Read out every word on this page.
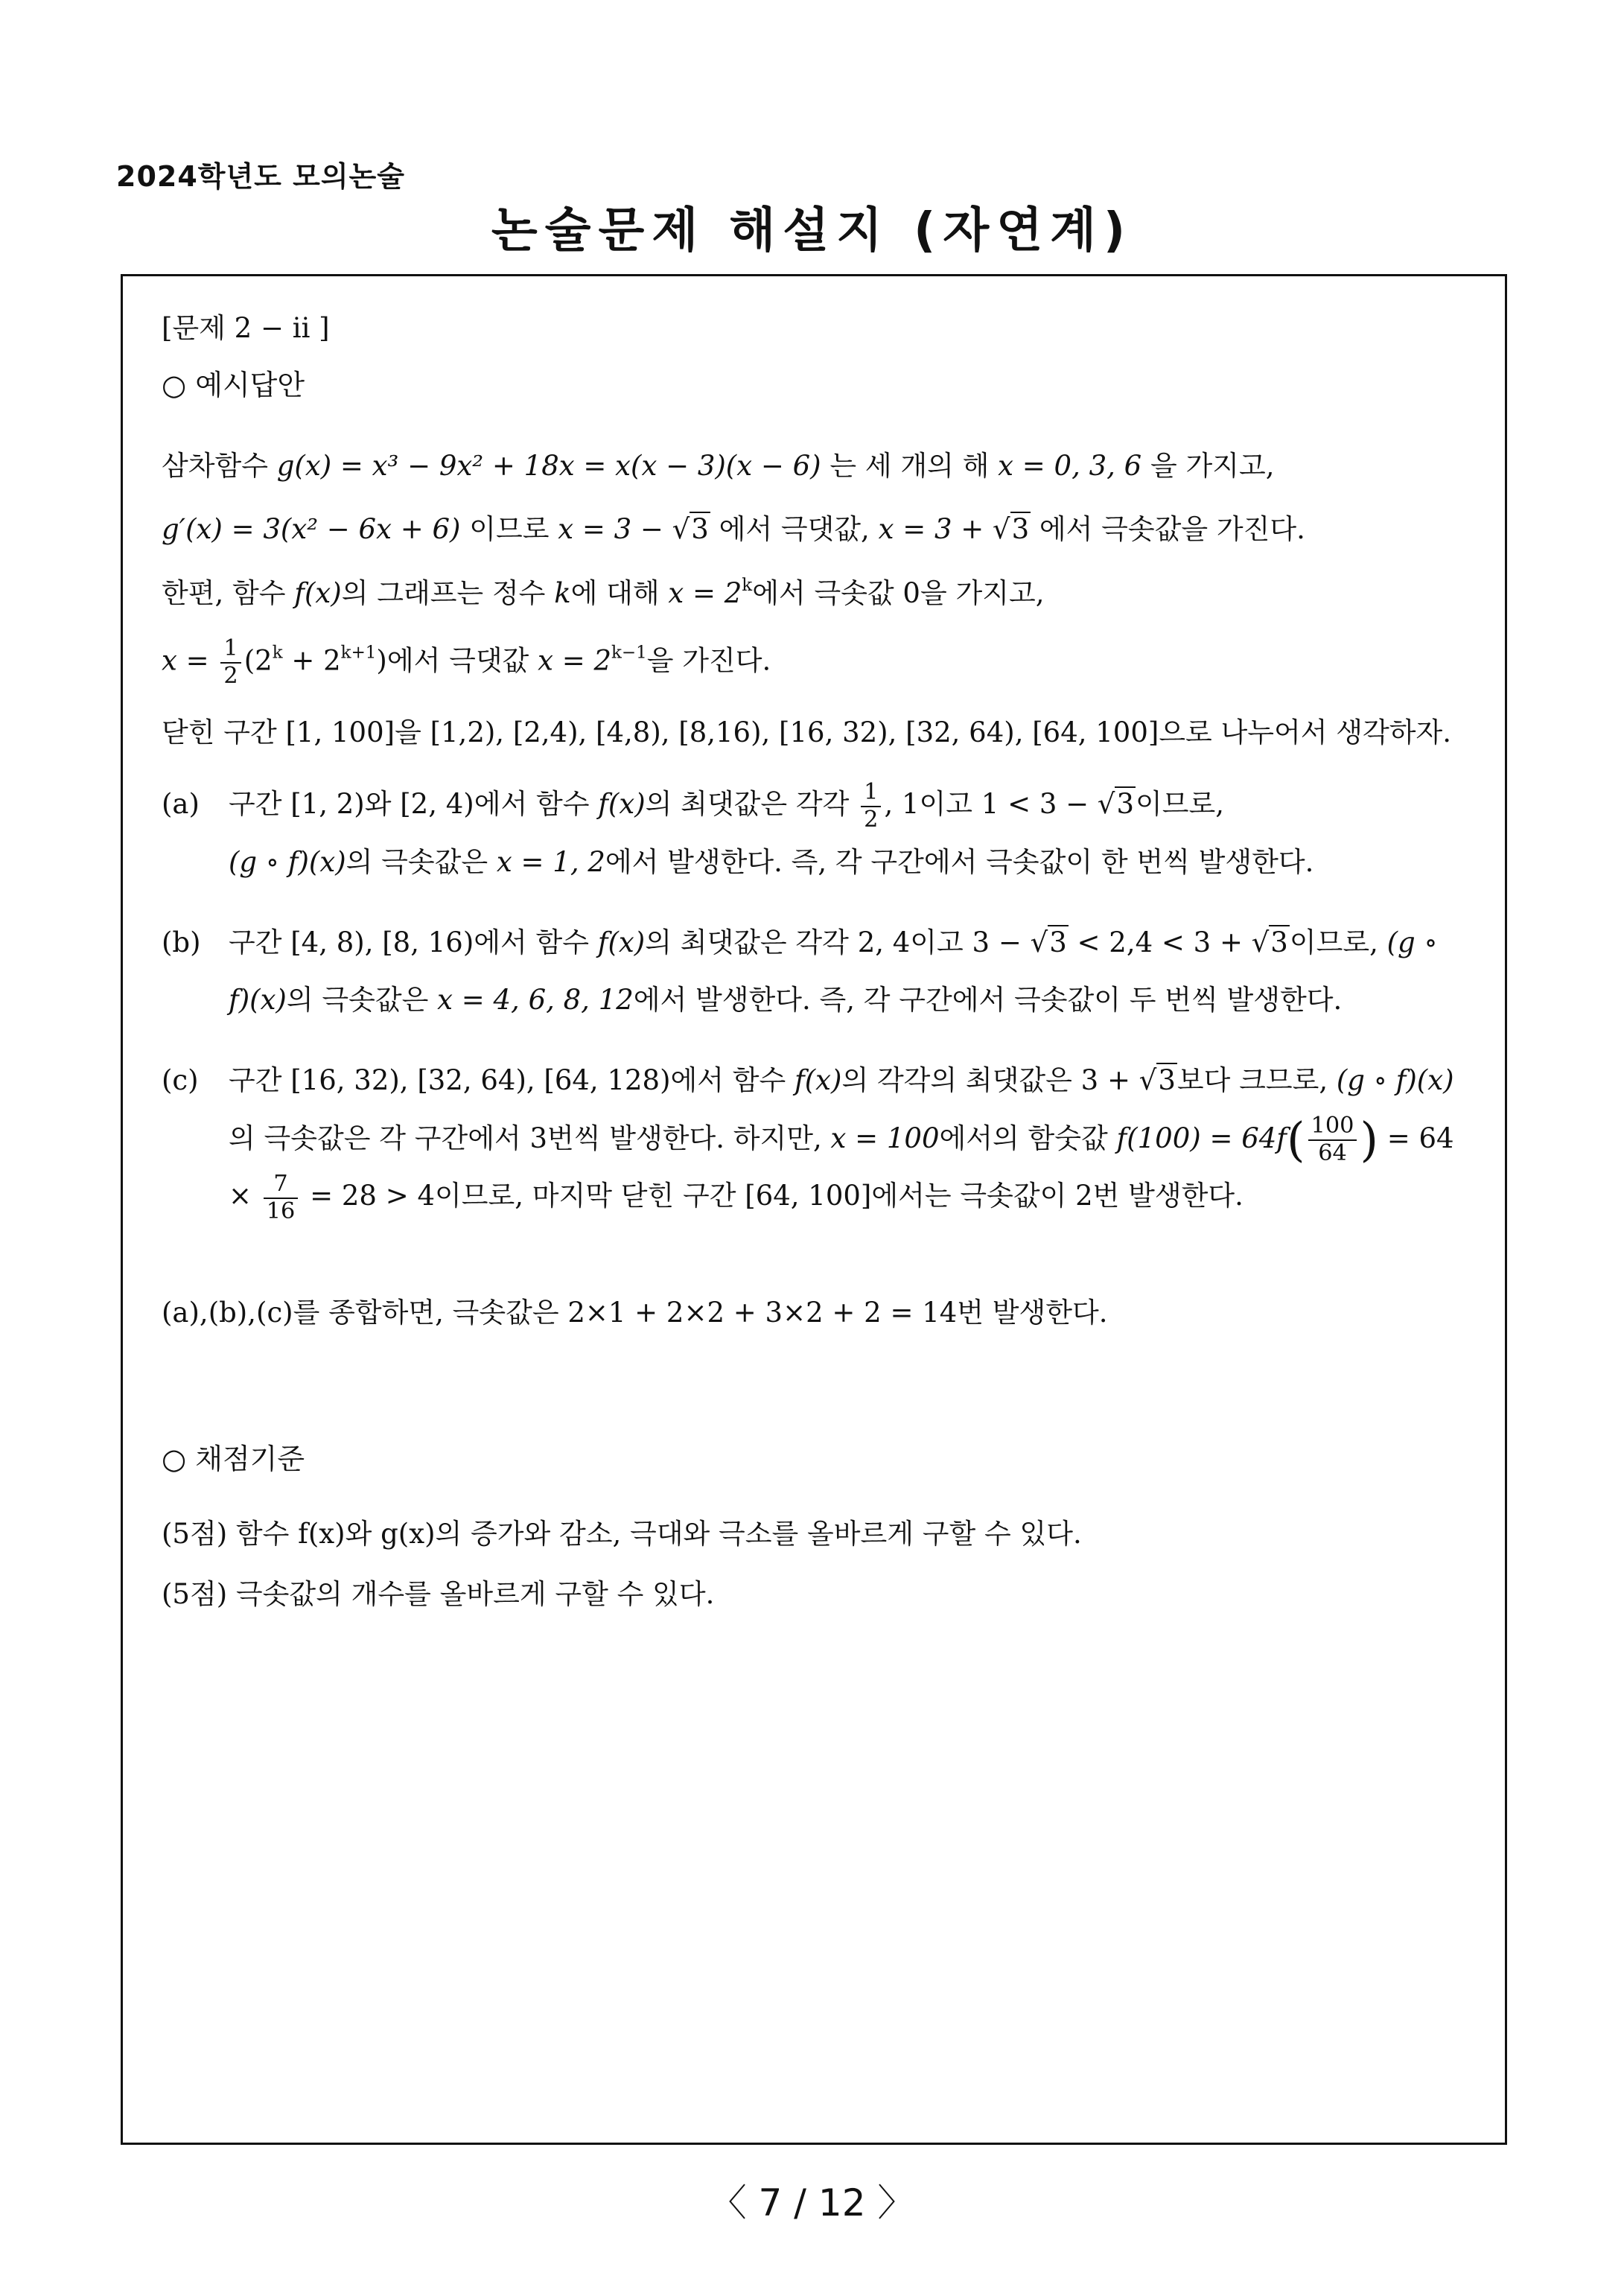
2024학년도 모의논술
논술문제 해설지 (자연계)

[문제 2 − ii ]

○ 예시답안

삼차함수 g(x) = x³ − 9x² + 18x = x(x − 3)(x − 6) 는 세 개의 해 x = 0, 3, 6 을 가지고,

g′(x) = 3(x² − 6x + 6) 이므로 x = 3 − √3 에서 극댓값, x = 3 + √3 에서 극솟값을 가진다.

한편, 함수 f(x)의 그래프는 정수 k에 대해 $x = 2^k$에서 극솟값 0을 가지고,

$x = \frac{1}{2} (2^k + 2^{k+1})$에서 극댓값 $x = 2^{k-1}$을 가진다.

닫힌 구간 [1, 100]을 [1,2), [2,4), [4,8), [8,16), [16, 32), [32, 64), [64, 100]으로 나누어서 생각하자.

(a) 구간 [1, 2)와 [2, 4)에서 함수 f(x)의 최댓값은 각각 $\frac{1}{2}$ , 1이고 1 < 3 − √3이므로,
(g ∘ f)(x)의 극솟값은 x = 1, 2에서 발생한다. 즉, 각 구간에서 극솟값이 한 번씩 발생한다.
(b) 구간 [4, 8), [8, 16)에서 함수 f(x)의 최댓값은 각각 2, 4이고 3 − √3 < 2,4 < 3 + √3이므로, (g ∘ f)(x)의 극솟값은 x = 4, 6, 8, 12에서 발생한다. 즉, 각 구간에서 극솟값이 두 번씩 발생한다.
(c) 구간 [16, 32), [32, 64), [64, 128)에서 함수 f(x)의 각각의 최댓값은 3 + √3보다 크므로, (g ∘ f)(x)의 극솟값은 각 구간에서 3번씩 발생한다. 하지만, x = 100에서의 함숫값 $f(100) = 64f( \frac{100}{64}$ ) = $64 \times \frac{7}{16} = 28 > 4$이므로, 마지막 닫힌 구간 [64, 100]에서는 극솟값이 2번 발생한다.

(a),(b),(c)를 종합하면, 극솟값은 2×1 + 2×2 + 3×2 + 2 = 14번 발생한다.

○ 채점기준

(5점) 함수 f(x)와 g(x)의 증가와 감소, 극대와 극소를 올바르게 구할 수 있다.

(5점) 극솟값의 개수를 올바르게 구할 수 있다.

〈 7 / 12 〉
